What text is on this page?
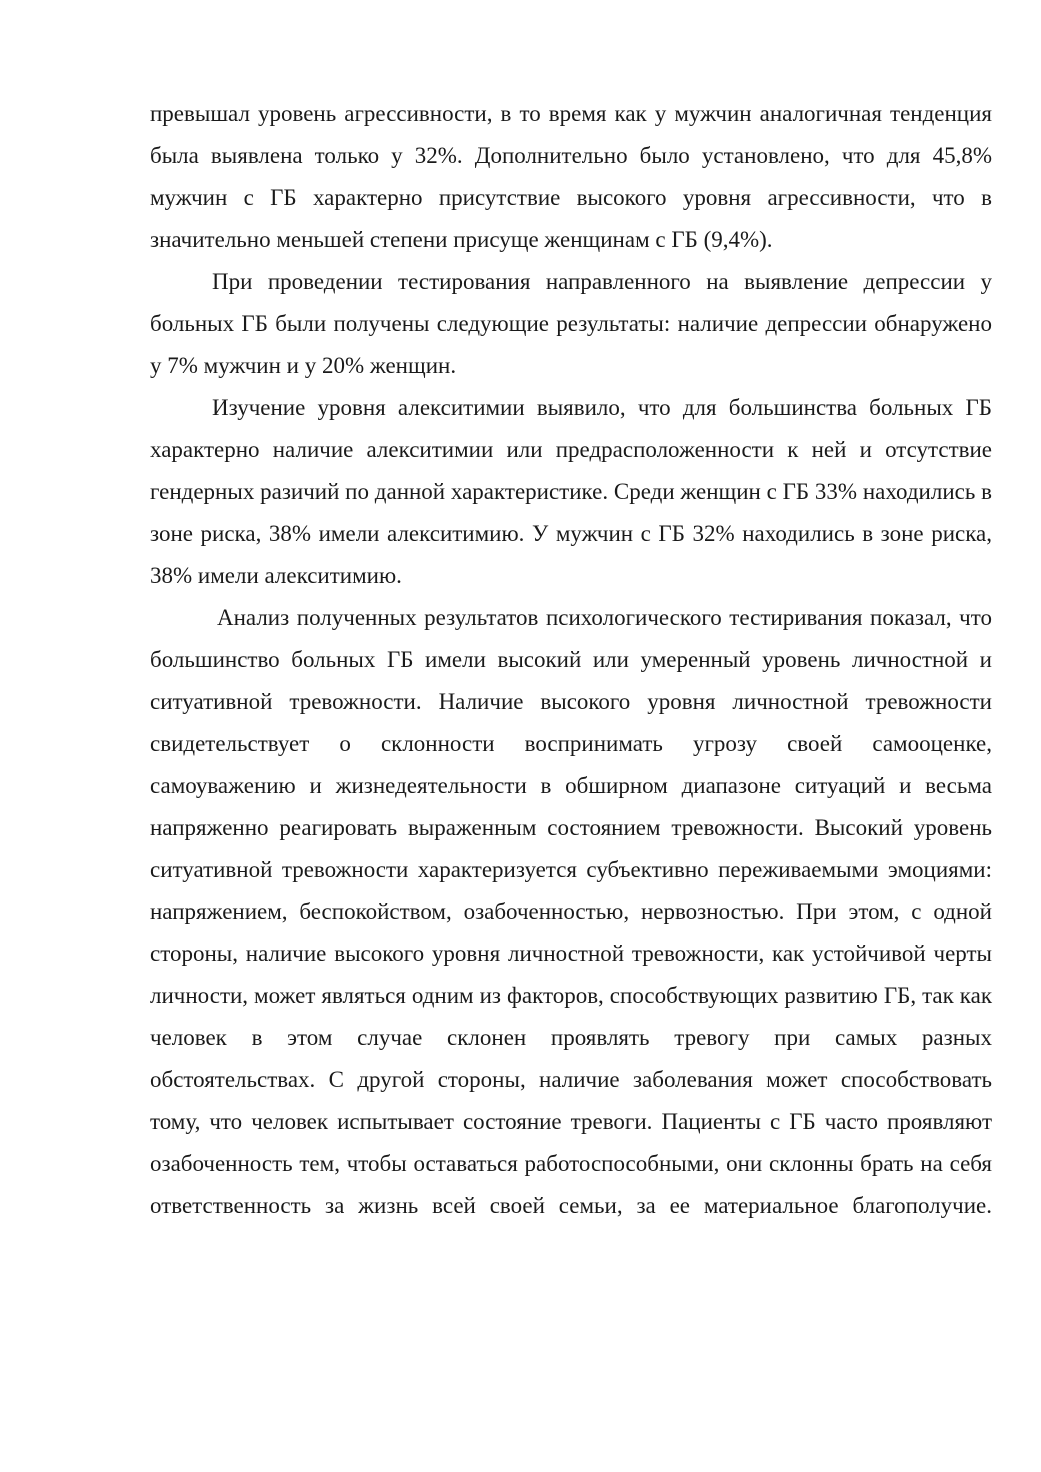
превышал уровень агрессивности, в то время как у мужчин аналогичная тенденция была выявлена только у 32%. Дополнительно было установлено, что для 45,8% мужчин с ГБ характерно присутствие высокого уровня агрессивности, что в значительно меньшей степени присуще женщинам с ГБ (9,4%).

При проведении тестирования направленного на выявление депрессии у больных ГБ были получены следующие результаты: наличие депрессии обнаружено у 7% мужчин и у 20% женщин.

Изучение уровня алекситимии выявило, что для большинства больных ГБ характерно наличие алекситимии или предрасположенности к ней и отсутствие гендерных разичий по данной характеристике. Среди женщин с ГБ 33% находились в зоне риска, 38% имели алекситимию. У мужчин с ГБ 32% находились в зоне риска, 38% имели алекситимию.

Анализ полученных результатов психологического тестиривания показал, что большинство больных ГБ имели высокий или умеренный уровень личностной и ситуативной тревожности. Наличие высокого уровня личностной тревожности свидетельствует о склонности воспринимать угрозу своей самооценке, самоуважению и жизнедеятельности в обширном диапазоне ситуаций и весьма напряженно реагировать выраженным состоянием тревожности. Высокий уровень ситуативной тревожности характеризуется субъективно переживаемыми эмоциями: напряжением, беспокойством, озабоченностью, нервозностью. При этом, с одной стороны, наличие высокого уровня личностной тревожности, как устойчивой черты личности, может являться одним из факторов, способствующих развитию ГБ, так как человек в этом случае склонен проявлять тревогу при самых разных обстоятельствах. С другой стороны, наличие заболевания может способствовать тому, что человек испытывает состояние тревоги. Пациенты с ГБ часто проявляют озабоченность тем, чтобы оставаться работоспособными, они склонны брать на себя ответственность за жизнь всей своей семьи, за ее материальное благополучие.
